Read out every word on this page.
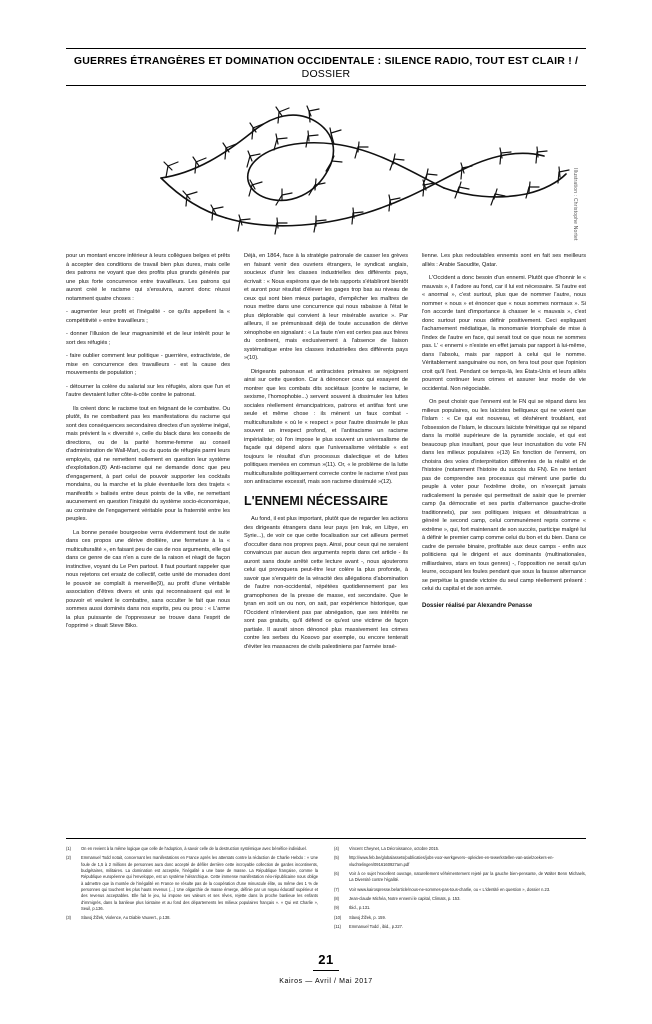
GUERRES ÉTRANGÈRES ET DOMINATION OCCIDENTALE : SILENCE RADIO, TOUT EST CLAIR ! / DOSSIER
Illustration : Christophe Nortet

pour un montant encore inférieur à leurs collègues belges et prêts à accepter des conditions de travail bien plus dures, mais celle des patrons ne voyant que des profits plus grands générés par une plus forte concurrence entre travailleurs. Les patrons qui auront créé le racisme qui s'ensuivra, auront donc réussi notamment quatre choses :

- augmenter leur profit et l'inégalité - ce qu'ils appellent la « compétitivité » entre travailleurs ;

- donner l'illusion de leur magnanimité et de leur intérêt pour le sort des réfugiés ;

- faire oublier comment leur politique - guerrière, extractiviste, de mise en concurrence des travailleurs - est la cause des mouvements de population ;

- détourner la colère du salarial sur les réfugiés, alors que l'un et l'autre devraient lutter côte-à-côte contre le patronat.

Ils créent donc le racisme tout en feignant de le combattre. Ou plutôt, ils ne combattent pas les manifestations du racisme qui sont des conséquences secondaires directes d'un système inégal, mais prévient la « diversité », celle du black dans les conseils de directions, ou de la parité homme-femme au conseil d'administration de Wall-Mart, ou du quota de réfugiés parmi leurs employés, qui ne remettent nullement en question leur système d'exploitation.(8) Anti-racisme qui ne demande donc que peu d'engagement, à part celui de pouvoir supporter les cocktails mondains, ou la marche et la pluie éventuelle lors des trajets « manifestifs » balisés entre deux points de la ville, ne remettant aucunement en question l'iniquité du système socio-économique, au contraire de l'engagement véritable pour la fraternité entre les peuples.

La bonne pensée bourgeoise verra évidemment tout de suite dans ces propos une dérive droitière, une fermeture à la « multiculturalité », en faisant peu de cas de nos arguments, elle qui dans ce genre de cas n'en a cure de la raison et réagit de façon instinctive, voyant du Le Pen partout. Il faut pourtant rappeler que nous rejetons cet ersatz de collectif, cette unité de monades dont le pouvoir se complaît à merveille(9), au profit d'une véritable association d'êtres divers et unis qui reconnaissent qui est le pouvoir et veulent le combattre, sans occulter le fait que nous sommes aussi dominés dans nos esprits, peu ou prou : « L'arme la plus puissante de l'oppresseur se trouve dans l'esprit de l'opprimé » disait Steve Biko.

Déjà, en 1864, face à la stratégie patronale de casser les grèves en faisant venir des ouvriers étrangers, le syndicat anglais, soucieux d'unir les classes industrielles des différents pays, écrivait : « Nous espérons que de tels rapports s'établiront bientôt et auront pour résultat d'élever les gages trop bas au niveau de ceux qui sont bien mieux partagés, d'empêcher les maîtres de nous mettre dans une concurrence qui nous rabaisse à l'état le plus déplorable qui convient à leur misérable avarice ». Par ailleurs, il se prémunissait déjà de toute accusation de dérive xénophobe en signalant : « La faute n'en est certes pas aux frères du continent, mais exclusivement à l'absence de liaison systématique entre les classes industrielles des différents pays »(10).

Dirigeants patronaux et antiracistes primaires se rejoignent ainsi sur cette question. Car à dénoncer ceux qui essayent de montrer que les combats dits sociétaux (contre le racisme, le sexisme, l'homophobie...) servent souvent à dissimuler les luttes sociales réellement émancipatrices, patrons et antifas font une seule et même chose : ils mènent un faux combat - multiculturaliste « où le « respect » pour l'autre dissimule le plus souvent un irrespect profond, et l'antiracisme un racisme impérialiste; où l'on impose le plus souvent un universalisme de façade qui dépend alors que l'universalisme véritable « est toujours le résultat d'un processus dialectique et de luttes politiques menées en commun »(11). Or, « le problème de la lutte multiculturaliste politiquement correcte contre le racisme n'est pas son antiracisme excessif, mais son racisme dissimulé »(12).

L'ENNEMI NÉCESSAIRE

Au fond, il est plus important, plutôt que de regarder les actions des dirigeants étrangers dans leur pays (en Irak, en Libye, en Syrie...), de voir ce que cette focalisation sur cet ailleurs permet d'occulter dans nos propres pays. Ainsi, pour ceux qui ne seraient convaincus par aucun des arguments repris dans cet article - ils auront sans doute arrêté cette lecture avant -, nous ajouterons celui qui provoquera peut-être leur colère la plus profonde, à savoir que s'enquérir de la véracité des allégations d'abomination de l'autre non-occidental, répétées quotidiennement par les gramophones de la presse de masse, est secondaire. Que le tyran en soit un ou non, on sait, par expérience historique, que l'Occident n'interviient pas par abnégation, que ses intérêts ne sont pas gratuits, qu'il défend ce qu'est une victime de façon partiale. Il aurait sinon dénoncé plus massivement les crimes contre les serbes du Kosovo par exemple, ou encore tenterait d'éviter les massacres de civils palestiniens par l'armée israé-

lienne. Les plus redoutables ennemis sont en fait ses meilleurs alliés : Arabie Saoudite, Qatar.

L'Occident a donc besoin d'un ennemi. Plutôt que d'honnir le « mauvais », il l'adore au fond, car il lui est nécessaire. Si l'autre est « anormal », c'est surtout, plus que de nommer l'autre, nous nommer « nous » et énoncer que « nous sommes normaux ». Si l'on accorde tant d'importance à chasser le « mauvais », c'est donc surtout pour nous définir positivement. Ceci expliquant l'acharnement médiatique, la monomanie triomphale de mise à l'index de l'autre en face, qui serait tout ce que nous ne sommes pas. L' « ennemi » n'existe en effet jamais par rapport à lui-même, dans l'absolu, mais par rapport à celui qui le nomme. Véritablement sanguinaire ou non, on fera tout pour que l'opinion croit qu'il l'est. Pendant ce temps-là, les États-Unis et leurs alliés pourront continuer leurs crimes et assurer leur mode de vie occidental. Non négociable.

On peut choisir que l'ennemi est le FN qui se répand dans les milieux populaires, ou les laïcistes belliqueux qui ne voient que l'Islam : « Ce qui est nouveau, et déshérent troublant, est l'obsession de l'Islam, le discours laïciste frénétique qui se répand dans la moitié supérieure de la pyramide sociale, et qui est beaucoup plus insultant, pour que leur incrustation du vote FN dans les milieux populaires »(13) En fonction de l'ennemi, on choisira des voies d'interprétation différentes de la réalité et de l'histoire (notamment l'histoire du succès du FN). En ne tentant pas de comprendre ses processus qui mènent une partie du peuple à voter pour l'extrême droite, on n'exerçait jamais radicalement la pensée qui permettrait de saisir que le premier camp (la démocratie et ses partis d'alternance gauche-droite traditionnels), par ses politiques iniques et désastratricas a généré le second camp, celui communément repris comme « extrême », qui, fort maintenant de son succès, participe malgré lui à définir le premier camp comme celui du bon et du bien. Dans ce cadre de pensée binaire, profitable aux deux camps - enfin aux politiciens qui le dirigent et aux dominants (multinationales, milliardaires, stars en tous genres) -, l'opposition ne serait qu'un leurre, occupant les foules pendant que sous la fausse alternance se perpétue la grande victoire du seul camp réellement présent : celui du capital et de son armée.

Dossier réalisé par Alexandre Penasse

(1)	On en revient à la même logique que celle de l'adoption, à savoir celle de la destruction systémique avec bénéfice individuel.
(2)	Emmanuel Todd notait, concernant les manifestations en France après les attentats contre la rédaction de Charlie Hebdo : « Une foule de 1,5 à 2 millions de personnes aura donc accepté de défiler derrière cette incroyable collection de gardes incontinents, budgétaires, militaires. La domination est acceptée, l'inégalité a une base de masse. La République française, comme la République européenne qui l'enveloppe, est un système hiérarchique. Cette immense manifestation néo-républicaine nous oblige à admettre que la montée de l'inégalité en France ne résulte pas de la coopération d'une minuscule élite, ou même des 1 % de personnes qui touchent les plus hauts revenus (...) Une oligarchie de masse émerge, définie par un noyau éducatif supérieur et des revenus acceptables. Elle fait le jeu, lui impose ses valeurs et ses rêves, rejette dans la proche banlieue les enfants d'immigrés, dans la banlieue plus lointaine et au fond des départements les milieux populaires français ». « Qui est Charlie », Seuil, p.136.
(3)	Slavoj Žižek, Violence, Au Diable Vauvert., p.138.
(4)	Vincent Cheynet, La Décroissance, octobre 2015.
(5)	http://www.feb.be/globalassets/publicaties/jobs-voor-werkgevers--opleiden-en-tewerkstellen-van-asielzoekers-en-vluchtelingen/0916160927am.pdf
(6)	Voir à ce sujet l'excellent ouvrage, naturellement véhémentement rejeté par la gauche bien-pensante, de Walter Benn Michaels, La Diversité contre l'égalité.
(7)	Voir www.kairospresse.be/article/nous-ne-sommes-pas-tous-charlie, ou « L'identité en question », dossier n.23.
(8)	Jean-claude Michéa, Notre ennemi le capital, Climats, p. 153.
(9)	Ibid., p.131.
(10)	Slavoj Žižek, p. 159.
(11)	Emmanuel Todd , ibid., p.227.
21
Kairos — Avril / Mai 2017
